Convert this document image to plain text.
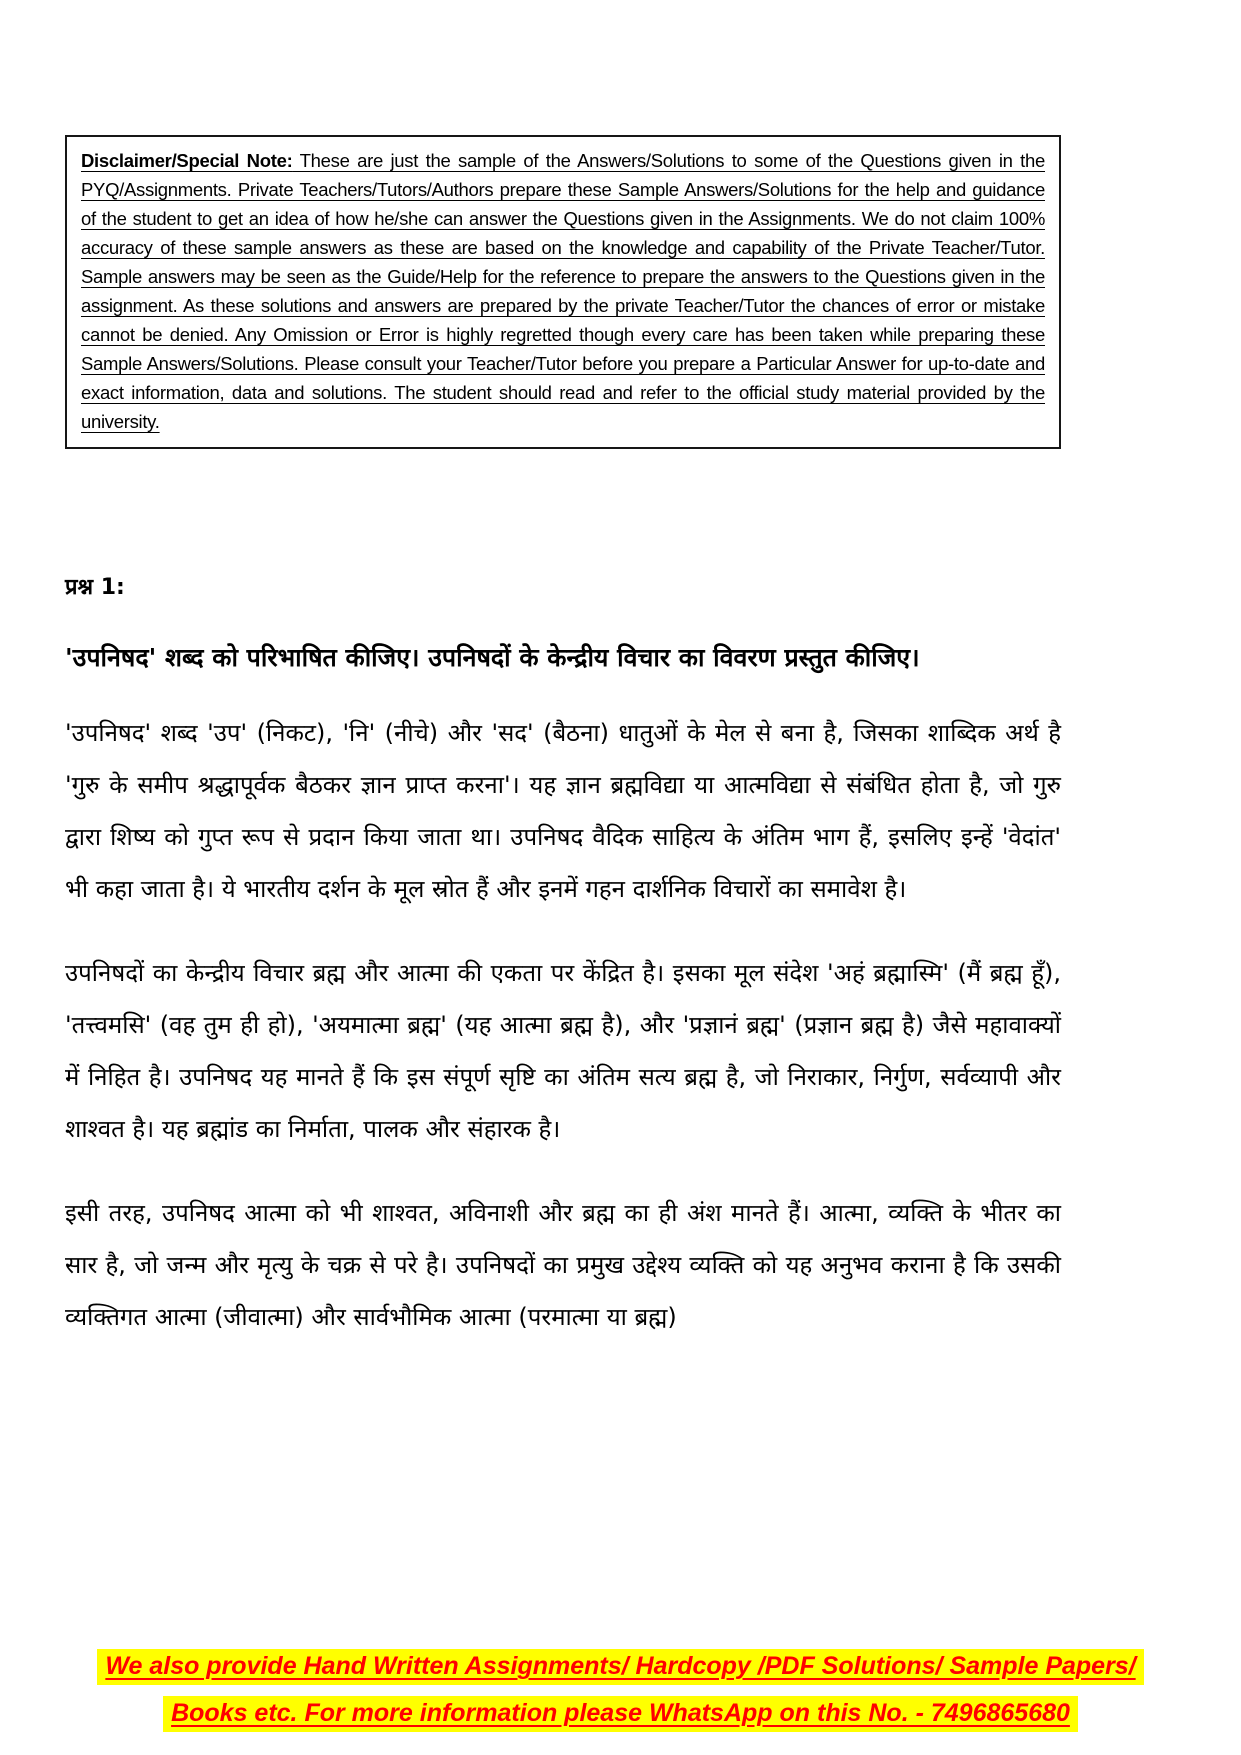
Disclaimer/Special Note: These are just the sample of the Answers/Solutions to some of the Questions given in the PYQ/Assignments. Private Teachers/Tutors/Authors prepare these Sample Answers/Solutions for the help and guidance of the student to get an idea of how he/she can answer the Questions given in the Assignments. We do not claim 100% accuracy of these sample answers as these are based on the knowledge and capability of the Private Teacher/Tutor. Sample answers may be seen as the Guide/Help for the reference to prepare the answers to the Questions given in the assignment. As these solutions and answers are prepared by the private Teacher/Tutor the chances of error or mistake cannot be denied. Any Omission or Error is highly regretted though every care has been taken while preparing these Sample Answers/Solutions. Please consult your Teacher/Tutor before you prepare a Particular Answer for up-to-date and exact information, data and solutions. The student should read and refer to the official study material provided by the university.

प्रश्न 1:

'उपनिषद' शब्द को परिभाषित कीजिए। उपनिषदों के केन्द्रीय विचार का विवरण प्रस्तुत कीजिए।

'उपनिषद' शब्द 'उप' (निकट), 'नि' (नीचे) और 'सद' (बैठना) धातुओं के मेल से बना है, जिसका शाब्दिक अर्थ है 'गुरु के समीप श्रद्धापूर्वक बैठकर ज्ञान प्राप्त करना'। यह ज्ञान ब्रह्मविद्या या आत्मविद्या से संबंधित होता है, जो गुरु द्वारा शिष्य को गुप्त रूप से प्रदान किया जाता था। उपनिषद वैदिक साहित्य के अंतिम भाग हैं, इसलिए इन्हें 'वेदांत' भी कहा जाता है। ये भारतीय दर्शन के मूल स्रोत हैं और इनमें गहन दार्शनिक विचारों का समावेश है।

उपनिषदों का केन्द्रीय विचार ब्रह्म और आत्मा की एकता पर केंद्रित है। इसका मूल संदेश 'अहं ब्रह्मास्मि' (मैं ब्रह्म हूँ), 'तत्त्वमसि' (वह तुम ही हो), 'अयमात्मा ब्रह्म' (यह आत्मा ब्रह्म है), और 'प्रज्ञानं ब्रह्म' (प्रज्ञान ब्रह्म है) जैसे महावाक्यों में निहित है। उपनिषद यह मानते हैं कि इस संपूर्ण सृष्टि का अंतिम सत्य ब्रह्म है, जो निराकार, निर्गुण, सर्वव्यापी और शाश्वत है। यह ब्रह्मांड का निर्माता, पालक और संहारक है।

इसी तरह, उपनिषद आत्मा को भी शाश्वत, अविनाशी और ब्रह्म का ही अंश मानते हैं। आत्मा, व्यक्ति के भीतर का सार है, जो जन्म और मृत्यु के चक्र से परे है। उपनिषदों का प्रमुख उद्देश्य व्यक्ति को यह अनुभव कराना है कि उसकी व्यक्तिगत आत्मा (जीवात्मा) और सार्वभौमिक आत्मा (परमात्मा या ब्रह्म)

We also provide Hand Written Assignments/ Hardcopy /PDF Solutions/ Sample Papers/
Books etc. For more information please WhatsApp on this No. - 7496865680
